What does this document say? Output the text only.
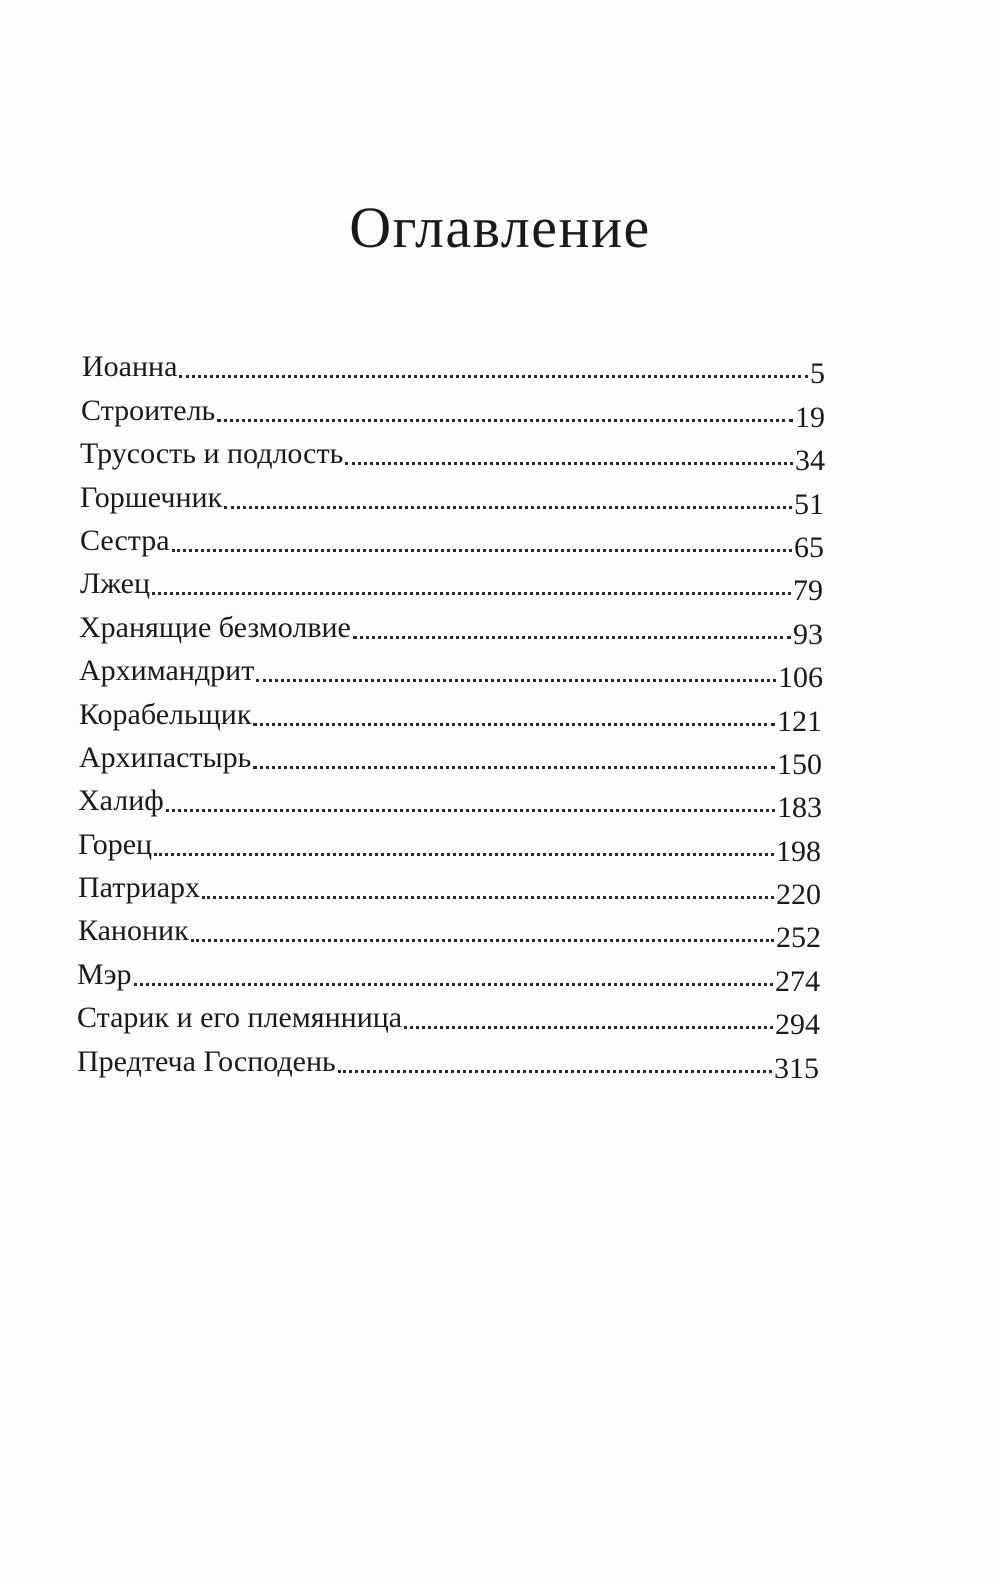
Оглавление
Иоанна	5
Строитель	19
Трусость и подлость	34
Горшечник	51
Сестра	65
Лжец	79
Хранящие безмолвие	93
Архимандрит	106
Корабельщик	121
Архипастырь	150
Халиф	183
Горец	198
Патриарх	220
Каноник	252
Мэр	274
Старик и его племянница	294
Предтеча Господень	315
